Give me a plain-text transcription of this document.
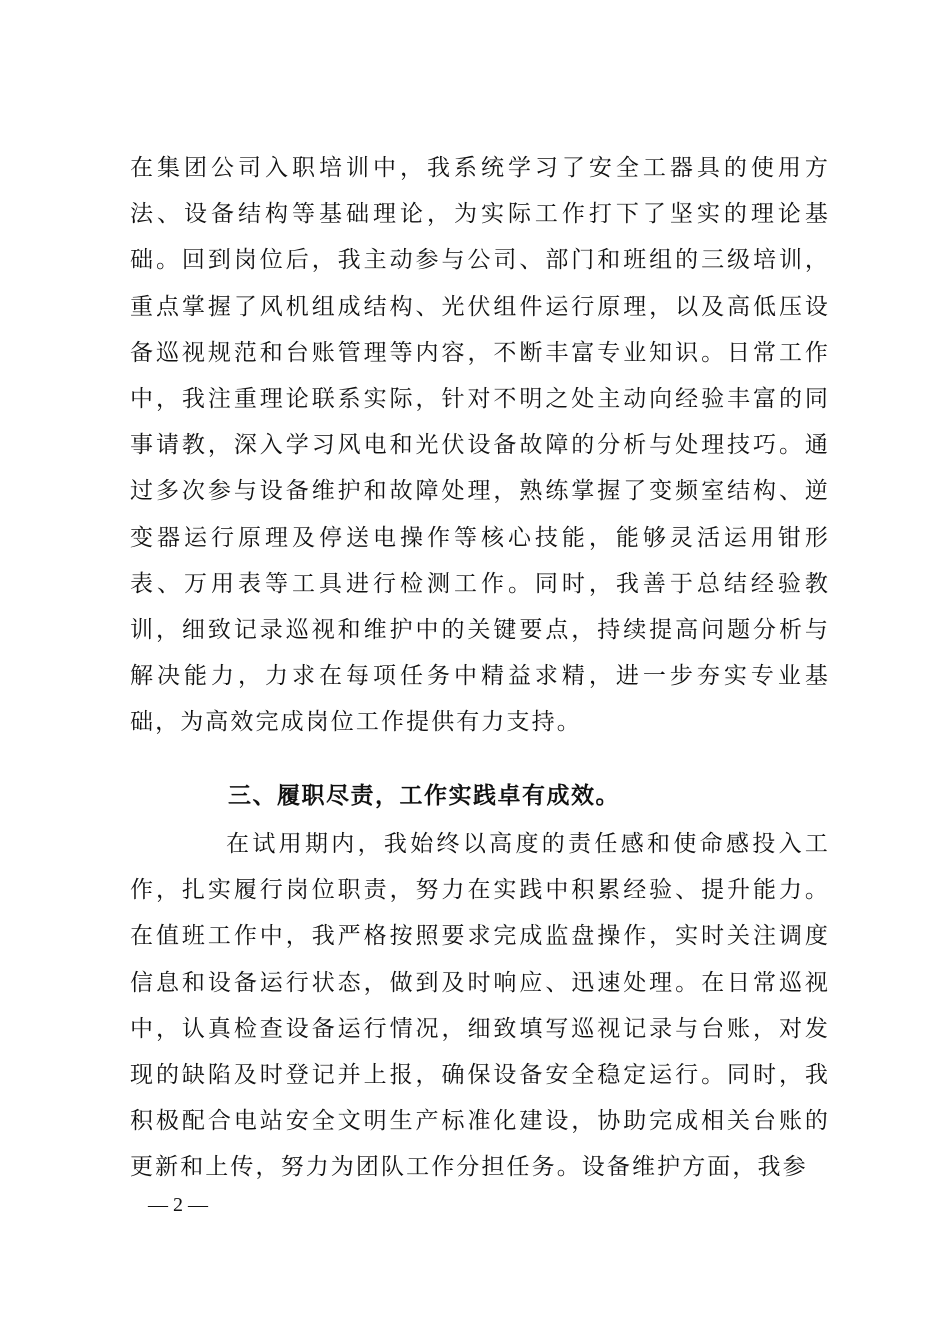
在集团公司入职培训中，我系统学习了安全工器具的使用方法、设备结构等基础理论，为实际工作打下了坚实的理论基础。回到岗位后，我主动参与公司、部门和班组的三级培训，重点掌握了风机组成结构、光伏组件运行原理，以及高低压设备巡视规范和台账管理等内容，不断丰富专业知识。日常工作中，我注重理论联系实际，针对不明之处主动向经验丰富的同事请教，深入学习风电和光伏设备故障的分析与处理技巧。通过多次参与设备维护和故障处理，熟练掌握了变频室结构、逆变器运行原理及停送电操作等核心技能，能够灵活运用钳形表、万用表等工具进行检测工作。同时，我善于总结经验教训，细致记录巡视和维护中的关键要点，持续提高问题分析与解决能力，力求在每项任务中精益求精，进一步夯实专业基础，为高效完成岗位工作提供有力支持。

三、履职尽责，工作实践卓有成效。

在试用期内，我始终以高度的责任感和使命感投入工作，扎实履行岗位职责，努力在实践中积累经验、提升能力。在值班工作中，我严格按照要求完成监盘操作，实时关注调度信息和设备运行状态，做到及时响应、迅速处理。在日常巡视中，认真检查设备运行情况，细致填写巡视记录与台账，对发现的缺陷及时登记并上报，确保设备安全稳定运行。同时，我积极配合电站安全文明生产标准化建设，协助完成相关台账的更新和上传，努力为团队工作分担任务。设备维护方面，我参

— 2 —
